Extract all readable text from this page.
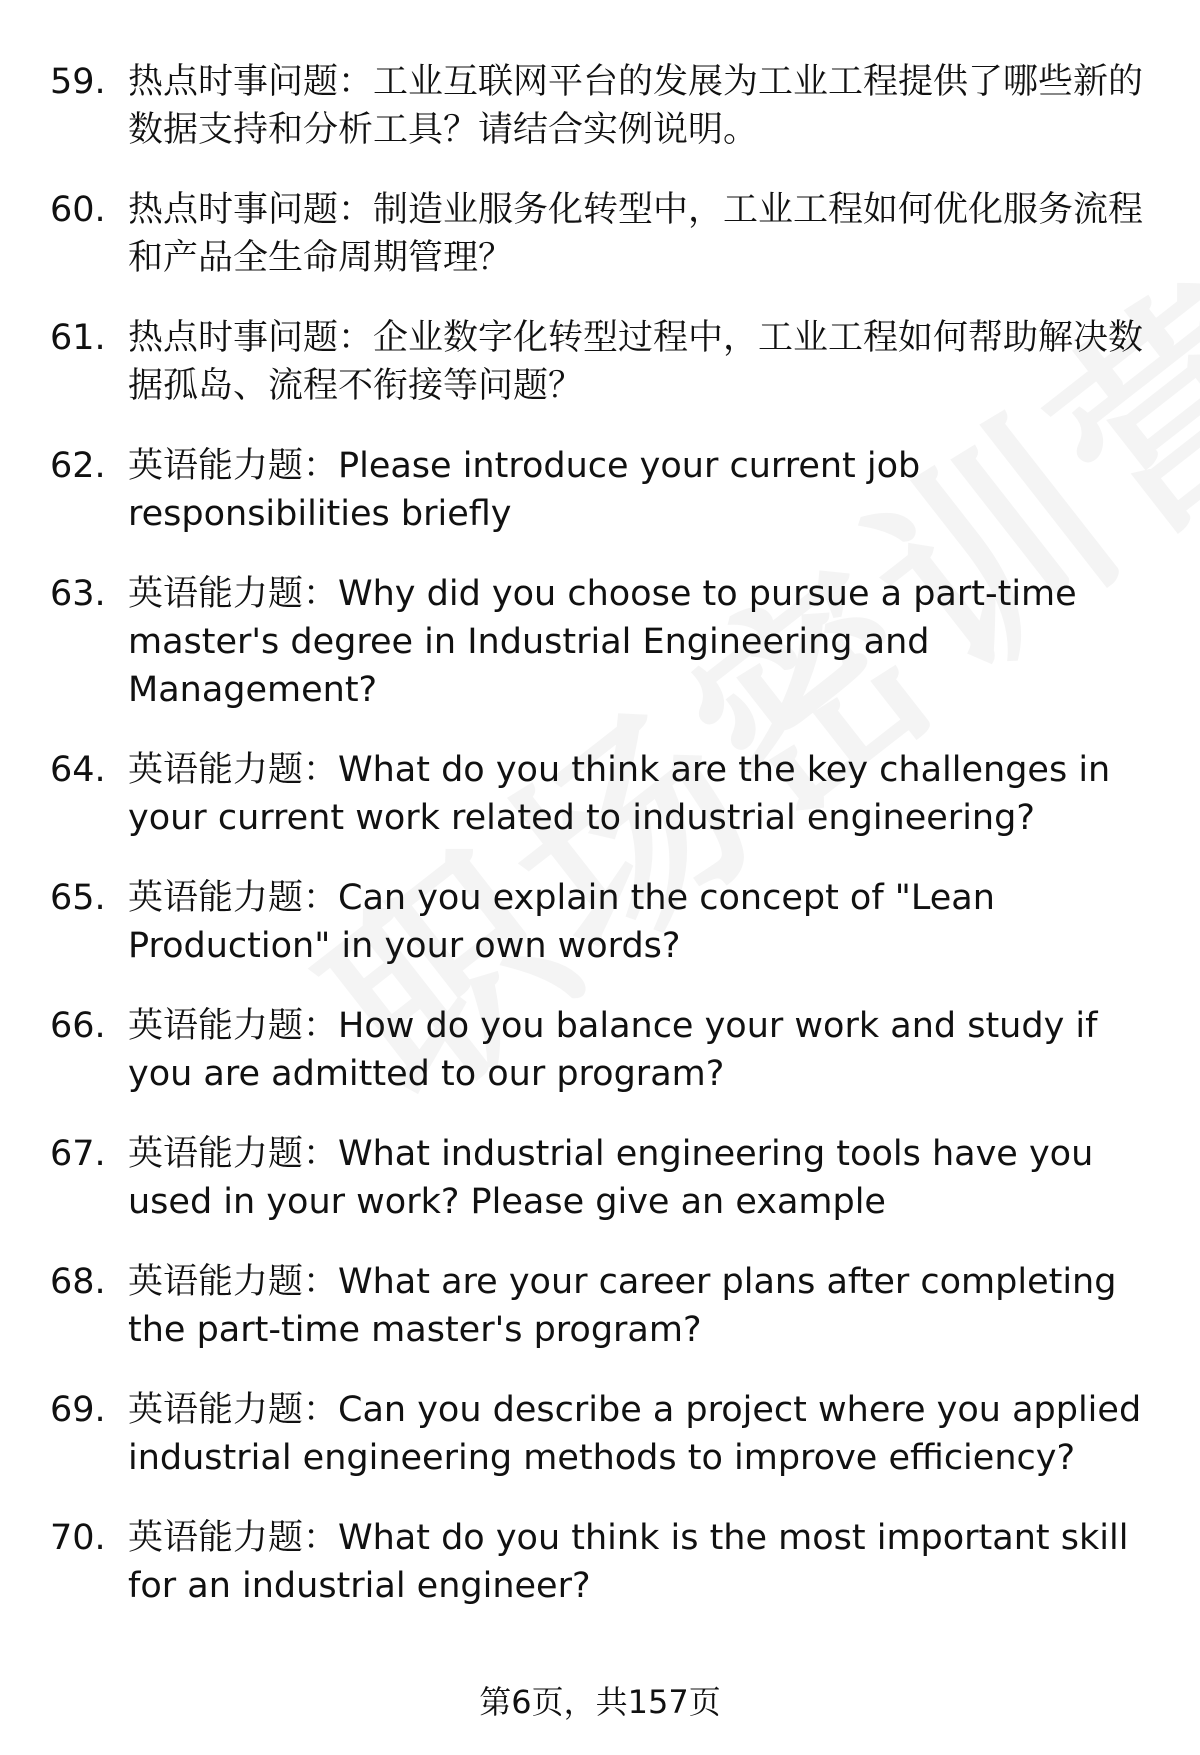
59. 热点时事问题：工业互联网平台的发展为工业工程提供了哪些新的数据支持和分析工具？请结合实例说明。
60. 热点时事问题：制造业服务化转型中，工业工程如何优化服务流程和产品全生命周期管理？
61. 热点时事问题：企业数字化转型过程中，工业工程如何帮助解决数据孤岛、流程不衔接等问题？
62. 英语能力题：Please introduce your current job responsibilities briefly
63. 英语能力题：Why did you choose to pursue a part-time master's degree in Industrial Engineering and Management?
64. 英语能力题：What do you think are the key challenges in your current work related to industrial engineering?
65. 英语能力题：Can you explain the concept of "Lean Production" in your own words?
66. 英语能力题：How do you balance your work and study if you are admitted to our program?
67. 英语能力题：What industrial engineering tools have you used in your work? Please give an example
68. 英语能力题：What are your career plans after completing the part-time master's program?
69. 英语能力题：Can you describe a project where you applied industrial engineering methods to improve efficiency?
70. 英语能力题：What do you think is the most important skill for an industrial engineer?
第6页，共157页
